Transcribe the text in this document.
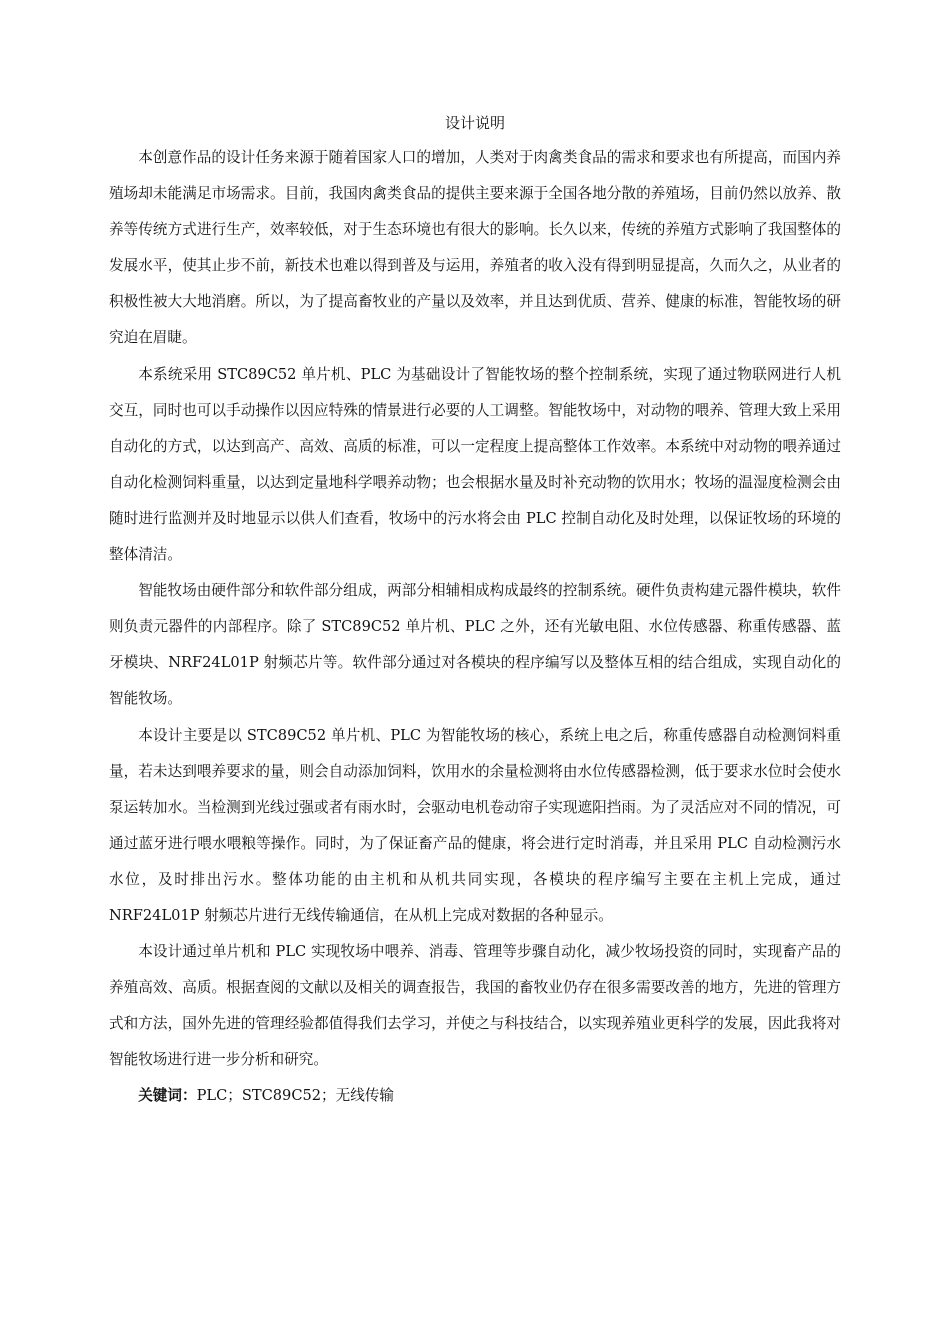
设计说明

本创意作品的设计任务来源于随着国家人口的增加，人类对于肉禽类食品的需求和要求也有所提高，而国内养殖场却未能满足市场需求。目前，我国肉禽类食品的提供主要来源于全国各地分散的养殖场，目前仍然以放养、散养等传统方式进行生产，效率较低，对于生态环境也有很大的影响。长久以来，传统的养殖方式影响了我国整体的发展水平，使其止步不前，新技术也难以得到普及与运用，养殖者的收入没有得到明显提高，久而久之，从业者的积极性被大大地消磨。所以，为了提高畜牧业的产量以及效率，并且达到优质、营养、健康的标准，智能牧场的研究迫在眉睫。

本系统采用 STC89C52 单片机、PLC 为基础设计了智能牧场的整个控制系统，实现了通过物联网进行人机交互，同时也可以手动操作以因应特殊的情景进行必要的人工调整。智能牧场中，对动物的喂养、管理大致上采用自动化的方式，以达到高产、高效、高质的标准，可以一定程度上提高整体工作效率。本系统中对动物的喂养通过自动化检测饲料重量，以达到定量地科学喂养动物；也会根据水量及时补充动物的饮用水；牧场的温湿度检测会由随时进行监测并及时地显示以供人们查看，牧场中的污水将会由 PLC 控制自动化及时处理，以保证牧场的环境的整体清洁。

智能牧场由硬件部分和软件部分组成，两部分相辅相成构成最终的控制系统。硬件负责构建元器件模块，软件则负责元器件的内部程序。除了 STC89C52 单片机、PLC 之外，还有光敏电阻、水位传感器、称重传感器、蓝牙模块、NRF24L01P 射频芯片等。软件部分通过对各模块的程序编写以及整体互相的结合组成，实现自动化的智能牧场。

本设计主要是以 STC89C52 单片机、PLC 为智能牧场的核心，系统上电之后，称重传感器自动检测饲料重量，若未达到喂养要求的量，则会自动添加饲料，饮用水的余量检测将由水位传感器检测，低于要求水位时会使水泵运转加水。当检测到光线过强或者有雨水时，会驱动电机卷动帘子实现遮阳挡雨。为了灵活应对不同的情况，可通过蓝牙进行喂水喂粮等操作。同时，为了保证畜产品的健康，将会进行定时消毒，并且采用 PLC 自动检测污水水位，及时排出污水。整体功能的由主机和从机共同实现，各模块的程序编写主要在主机上完成，通过 NRF24L01P 射频芯片进行无线传输通信，在从机上完成对数据的各种显示。

本设计通过单片机和 PLC 实现牧场中喂养、消毒、管理等步骤自动化，减少牧场投资的同时，实现畜产品的养殖高效、高质。根据查阅的文献以及相关的调查报告，我国的畜牧业仍存在很多需要改善的地方，先进的管理方式和方法，国外先进的管理经验都值得我们去学习，并使之与科技结合，以实现养殖业更科学的发展，因此我将对智能牧场进行进一步分析和研究。

关键词：PLC；STC89C52；无线传输
